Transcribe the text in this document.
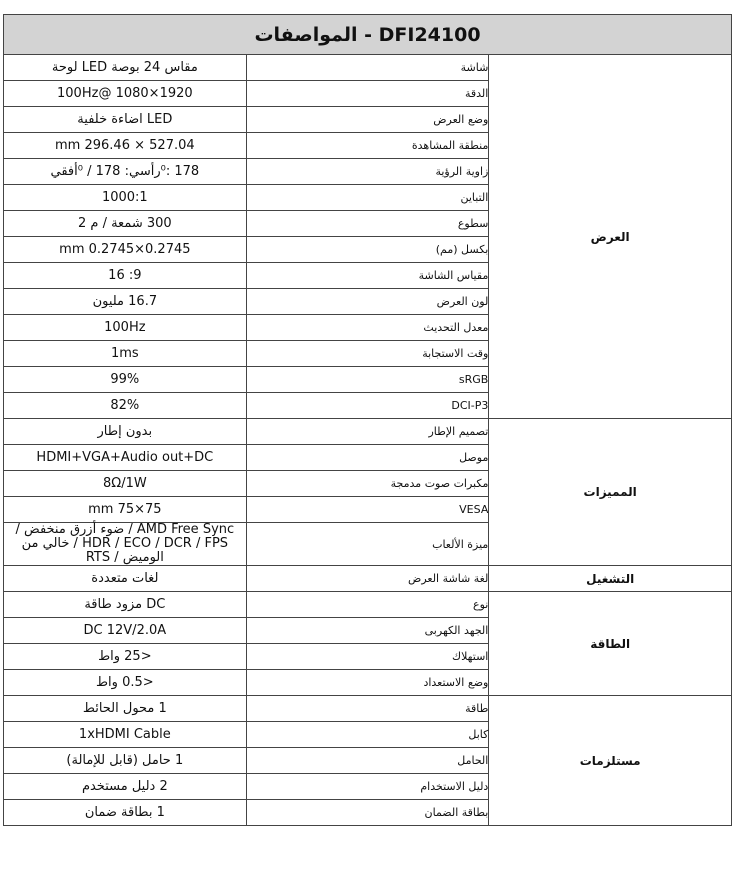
DFI24100 - المواصفات		
العرض	شاشة	مقاس 24 بوصة LED لوحة
	الدقة	1920×1080 @100Hz
	وضع العرض	LED اضاءة خلفية
	منطقة المشاهدة	527.04 × 296.46 mm
	زاوية الرؤية	178 :⁰رأسي: 178 / ⁰أفقي
	التباين	1000:1
	سطوع	300 شمعة / م 2
	بكسل (مم)	0.2745×0.2745 mm
	مقياس الشاشة	9: 16
	لون العرض	16.7 مليون
	معدل التحديث	100Hz
	وقت الاستجابة	1ms
	sRGB	99%
	DCI-P3	82%
المميزات	تصميم الإطار	بدون إطار
	موصل	HDMI+VGA+Audio out+DC
	مكبرات صوت مدمجة	8Ω/1W
	VESA	75×75 mm
	ميزة الألعاب	AMD Free Sync / ضوء أزرق منخفض / HDR / ECO / DCR / FPS / خالي من الوميض / RTS
التشغيل	لغة شاشة العرض	لغات متعددة
الطاقة	نوع	DC مزود طاقة
	الجهد الكهربى	DC 12V/2.0A
	استهلاك	<25 واط
	وضع الاستعداد	<0.5 واط
مستلزمات	طاقة	1 محول الحائط
	كابل	1xHDMI Cable
	الحامل	1 حامل (قابل للإمالة)
	دليل الاستخدام	2 دليل مستخدم
	بطاقة الضمان	1 بطاقة ضمان
